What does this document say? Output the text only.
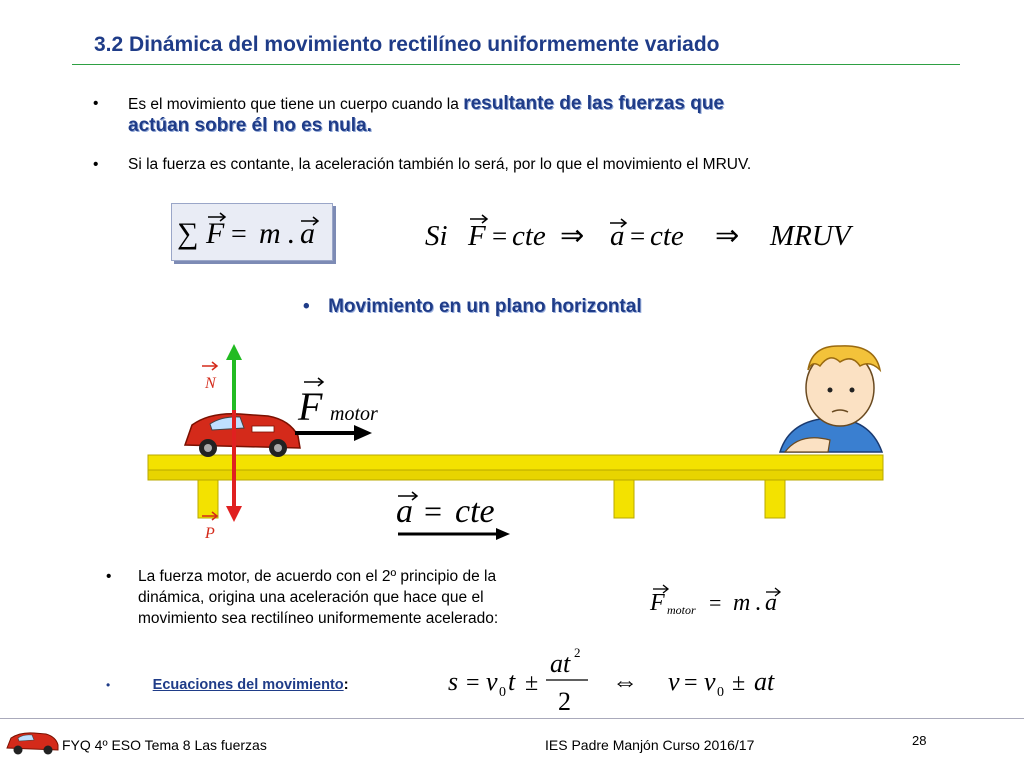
3.2 Dinámica del movimiento rectilíneo uniformemente variado
• Es el movimiento que tiene un cuerpo cuando la resultante de las fuerzas que
actúan sobre él no es nula.
• Si la fuerza es contante, la aceleración también lo será, por lo que el movimiento el MRUV.
∑ F = m . a	Si F = cte ⇒ a = cte ⇒ MRUV
• Movimiento en un plano horizontal
N
P
F motor
a = cte
• La fuerza motor, de acuerdo con el 2º principio de la
dinámica, origina una aceleración que hace que el
movimiento sea rectilíneo uniformemente acelerado:
F motor = m . a
•	Ecuaciones del movimiento:	s = v 0 t ±
at 2
2
⇔ v = v 0 ± at
FYQ 4º ESO Tema 8 Las fuerzas	IES Padre Manjón Curso 2016/17	28
